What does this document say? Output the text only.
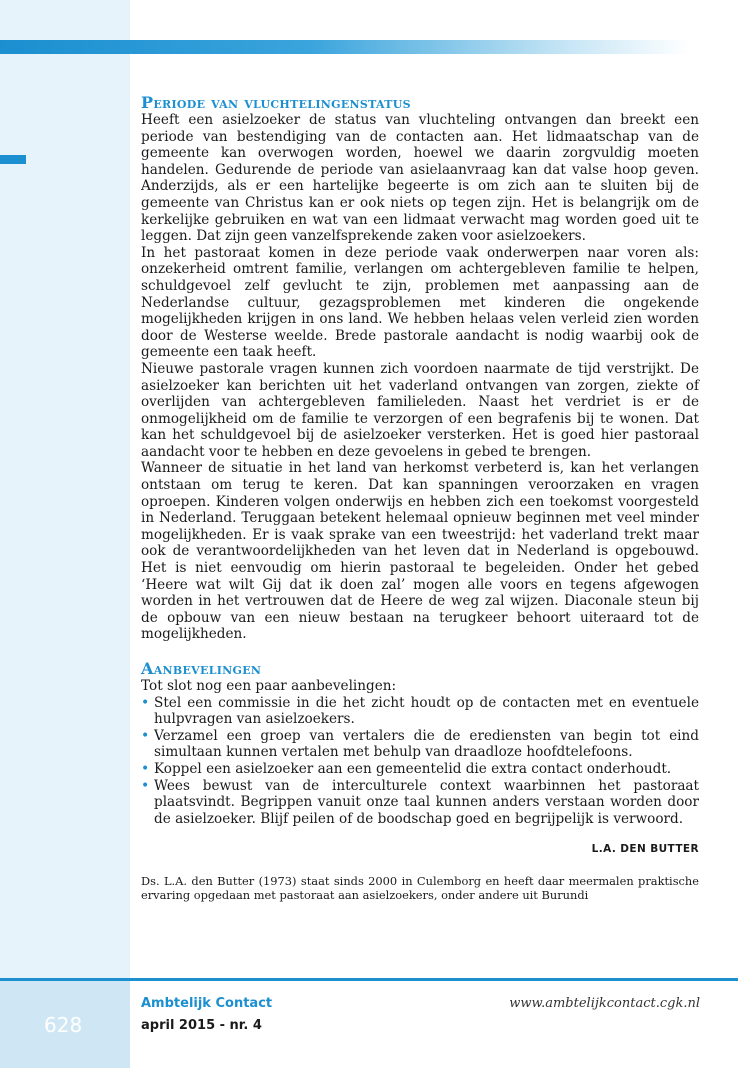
Periode van vluchtelingenstatus

Heeft een asielzoeker de status van vluchteling ontvangen dan breekt een periode van bestendiging van de contacten aan. Het lidmaatschap van de gemeente kan overwogen worden, hoewel we daarin zorgvuldig moeten handelen. Gedurende de periode van asielaanvraag kan dat valse hoop geven. Anderzijds, als er een hartelijke begeerte is om zich aan te sluiten bij de gemeente van Christus kan er ook niets op tegen zijn. Het is belangrijk om de kerkelijke gebruiken en wat van een lidmaat verwacht mag worden goed uit te leggen. Dat zijn geen vanzelfsprekende zaken voor asielzoekers.

In het pastoraat komen in deze periode vaak onderwerpen naar voren als: onzekerheid omtrent familie, verlangen om achtergebleven familie te helpen, schuldgevoel zelf gevlucht te zijn, problemen met aanpassing aan de Nederlandse cultuur, gezagsproblemen met kinderen die ongekende mogelijkheden krijgen in ons land. We hebben helaas velen verleid zien worden door de Westerse weelde. Brede pastorale aandacht is nodig waarbij ook de gemeente een taak heeft.

Nieuwe pastorale vragen kunnen zich voordoen naarmate de tijd verstrijkt. De asielzoeker kan berichten uit het vaderland ontvangen van zorgen, ziekte of overlijden van achtergebleven familieleden. Naast het verdriet is er de onmogelijkheid om de familie te verzorgen of een begrafenis bij te wonen. Dat kan het schuldgevoel bij de asielzoeker versterken. Het is goed hier pastoraal aandacht voor te hebben en deze gevoelens in gebed te brengen.

Wanneer de situatie in het land van herkomst verbeterd is, kan het verlangen ontstaan om terug te keren. Dat kan spanningen veroorzaken en vragen oproepen. Kinderen volgen onderwijs en hebben zich een toekomst voorgesteld in Nederland. Teruggaan betekent helemaal opnieuw beginnen met veel minder mogelijkheden. Er is vaak sprake van een tweestrijd: het vaderland trekt maar ook de verantwoordelijkheden van het leven dat in Nederland is opgebouwd. Het is niet eenvoudig om hierin pastoraal te begeleiden. Onder het gebed ‘Heere wat wilt Gij dat ik doen zal’ mogen alle voors en tegens afgewogen worden in het vertrouwen dat de Heere de weg zal wijzen. Diaconale steun bij de opbouw van een nieuw bestaan na terugkeer behoort uiteraard tot de mogelijkheden.

Aanbevelingen

Tot slot nog een paar aanbevelingen:

• Stel een commissie in die het zicht houdt op de contacten met en eventuele hulpvragen van asielzoekers.
• Verzamel een groep van vertalers die de erediensten van begin tot eind simultaan kunnen vertalen met behulp van draadloze hoofdtelefoons.
• Koppel een asielzoeker aan een gemeentelid die extra contact onderhoudt.
• Wees bewust van de interculturele context waarbinnen het pastoraat plaatsvindt. Begrippen vanuit onze taal kunnen anders verstaan worden door de asielzoeker. Blijf peilen of de boodschap goed en begrijpelijk is verwoord.
L.A. DEN BUTTER
Ds. L.A. den Butter (1973) staat sinds 2000 in Culemborg en heeft daar meermalen praktische ervaring opgedaan met pastoraat aan asielzoekers, onder andere uit Burundi
628
Ambtelijk Contact
april 2015 - nr. 4
www.ambtelijkcontact.cgk.nl
